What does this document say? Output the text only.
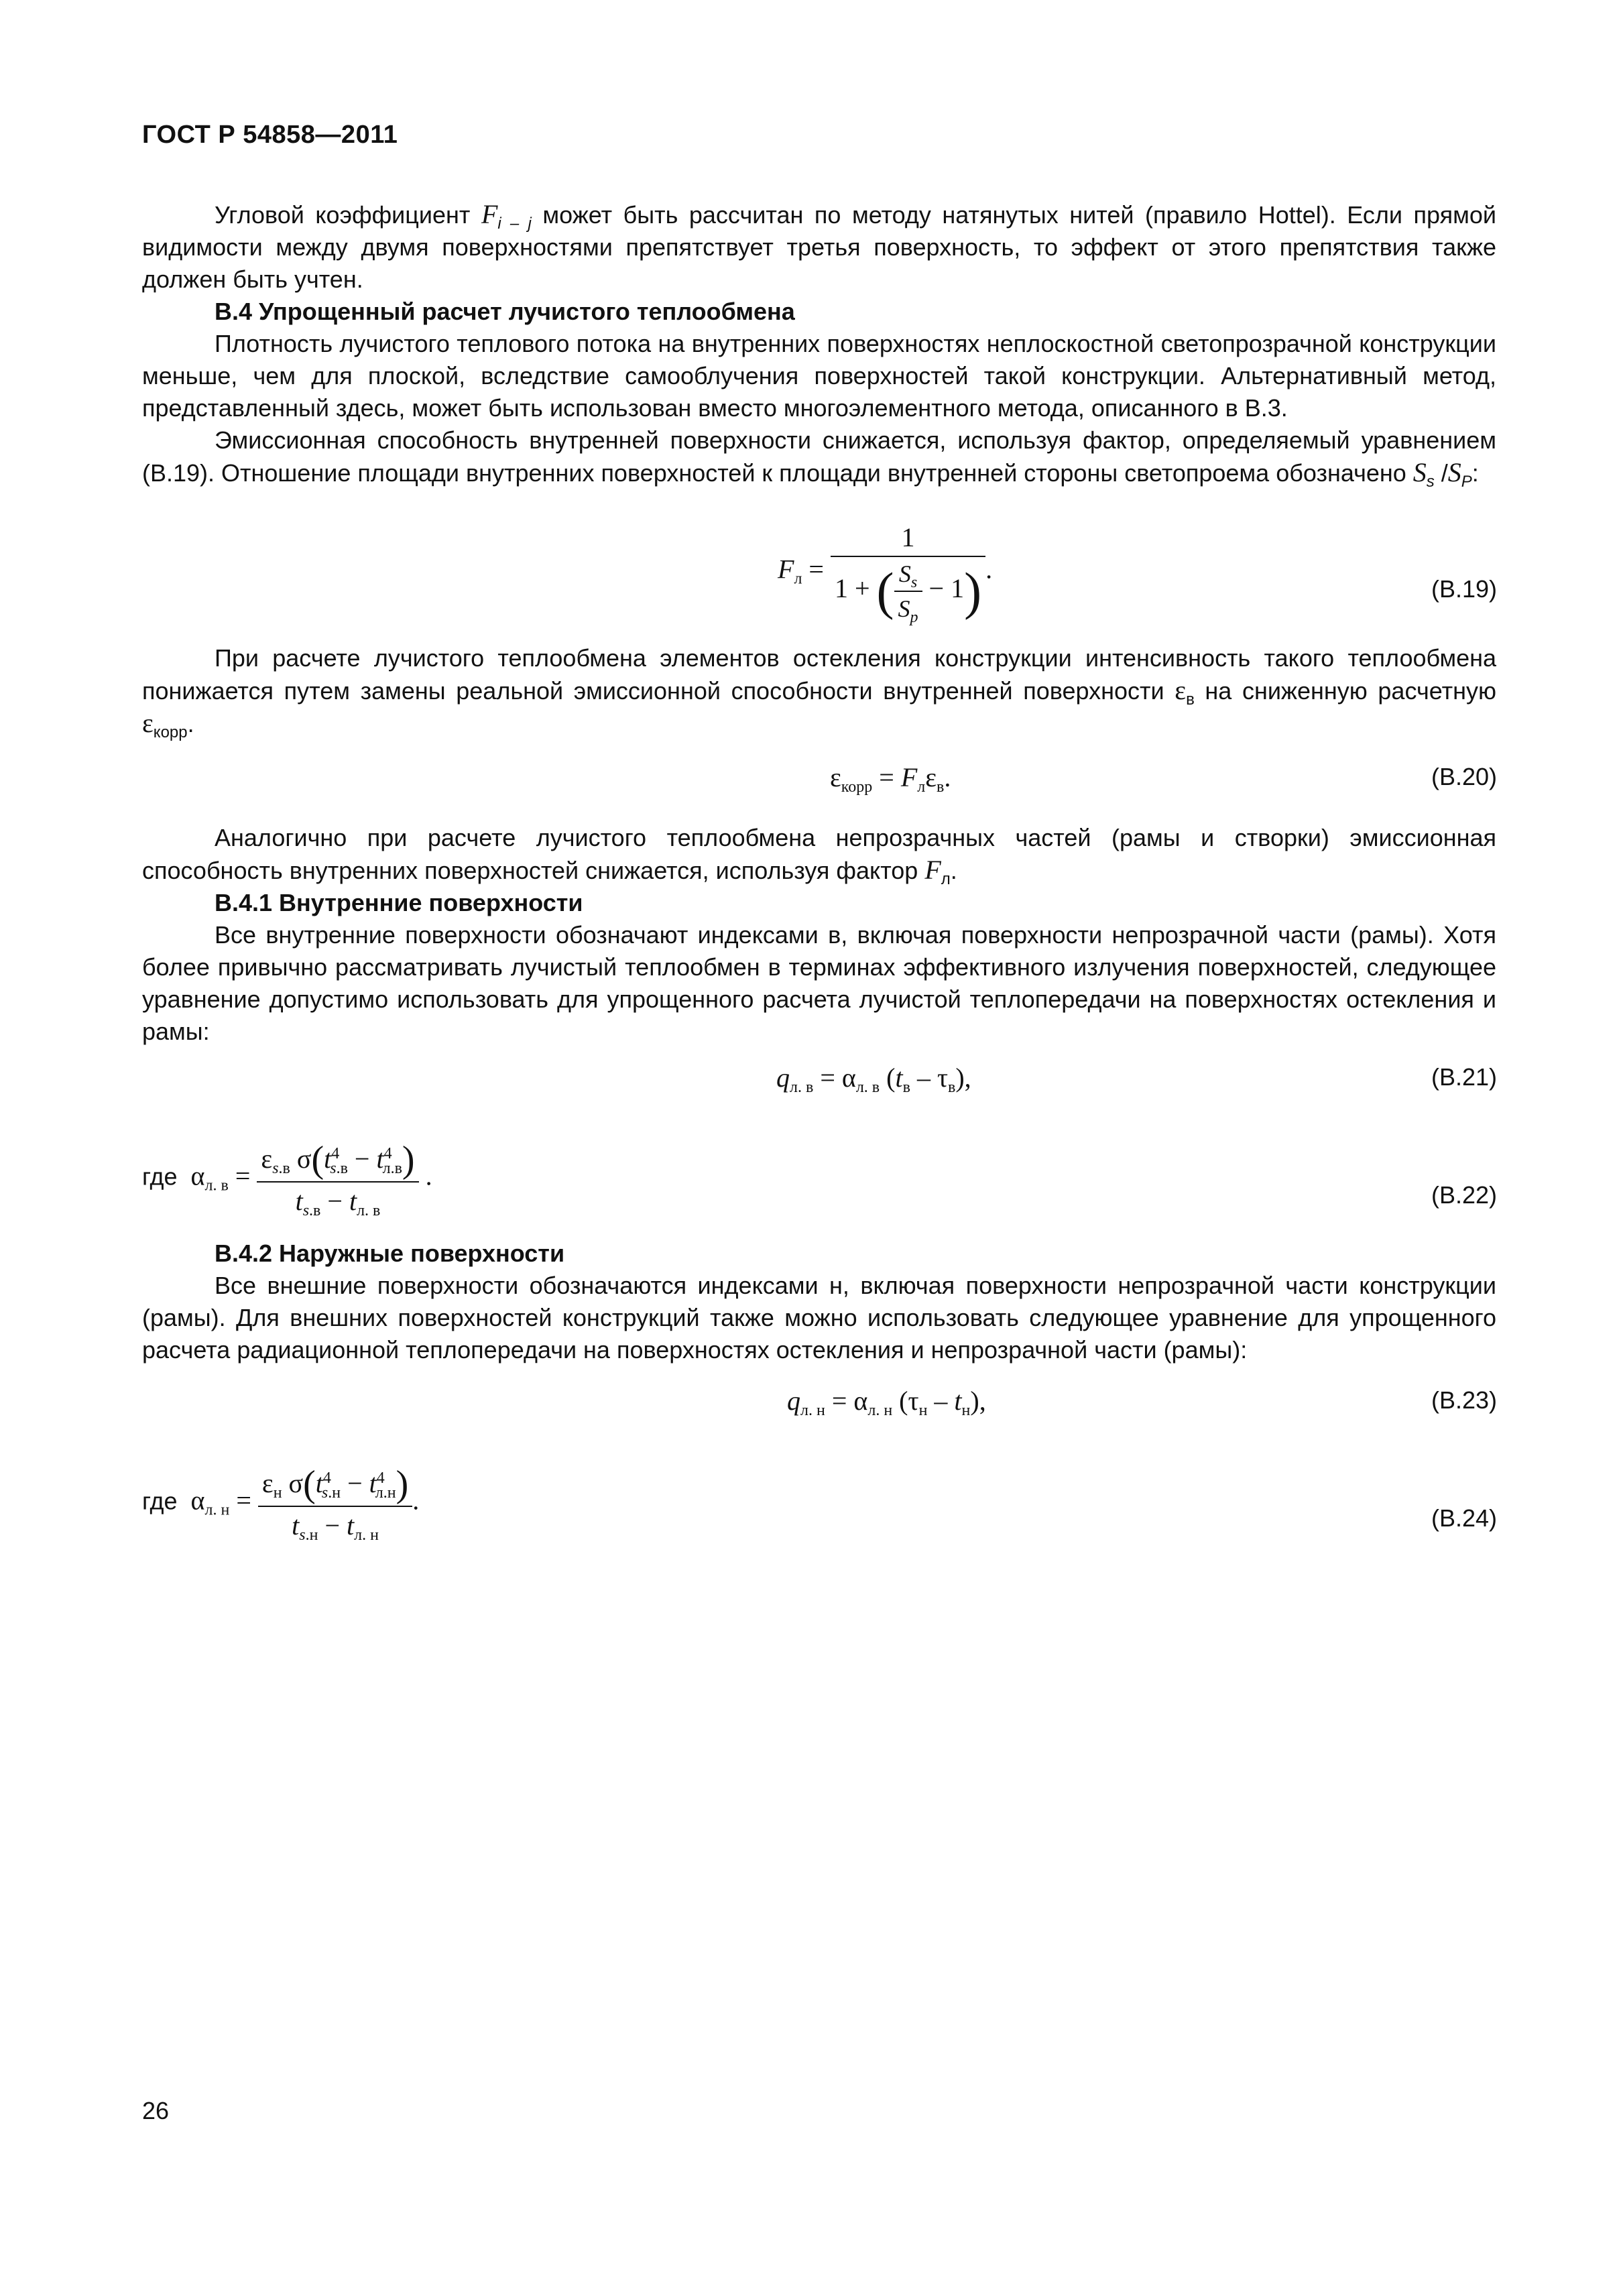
ГОСТ Р 54858—2011

Угловой коэффициент $F_{i - j}$ может быть рассчитан по методу натянутых нитей (правило Hottel). Если прямой видимости между двумя поверхностями препятствует третья поверхность, то эффект от этого препятствия также должен быть учтен.

В.4 Упрощенный расчет лучистого теплообмена

Плотность лучистого теплового потока на внутренних поверхностях неплоскостной светопрозрачной конструкции меньше, чем для плоской, вследствие самооблучения поверхностей такой конструкции. Альтернативный метод, представленный здесь, может быть использован вместо многоэлементного метода, описанного в В.3.

Эмиссионная способность внутренней поверхности снижается, используя фактор, определяемый уравнением (В.19). Отношение площади внутренних поверхностей к площади внутренней стороны светопроема обозначено $S_s$ $/S_P$:

$F_л = \frac{1}{1 + ( \frac{S_s}{S_p} - 1)}$ .
(В.19)

При расчете лучистого теплообмена элементов остекления конструкции интенсивность такого теплообмена понижается путем замены реальной эмиссионной способности внутренней поверхности $\varepsilon_в$ на сниженную расчетную $\varepsilon_{корр}$.

$\varepsilon_{корр} = F_л\varepsilon_в$.	(В.20)

Аналогично при расчете лучистого теплообмена непрозрачных частей (рамы и створки) эмиссионная способность внутренних поверхностей снижается, используя фактор $F_л$.

В.4.1 Внутренние поверхности

Все внутренние поверхности обозначают индексами в, включая поверхности непрозрачной части (рамы). Хотя более привычно рассматривать лучистый теплообмен в терминах эффективного излучения поверхностей, следующее уравнение допустимо использовать для упрощенного расчета лучистой теплопередачи на поверхностях остекления и рамы:

$q_{л. в} = \alpha_{л. в}$ $(t_в - \tau_в)$,	(В.21)
где  $\alpha_{л. в} = \frac{\varepsilon_{s.в} \sigma(t^4_{s.в} - t^4_{л.в})}{t_{s.в} - t_{л. в}}$ .
(В.22)

В.4.2 Наружные поверхности

Все внешние поверхности обозначаются индексами н, включая поверхности непрозрачной части конструкции (рамы). Для внешних поверхностей конструкций также можно использовать следующее уравнение для упрощенного расчета радиационной теплопередачи на поверхностях остекления и непрозрачной части (рамы):

$q_{л. н} = \alpha_{л. н}$ $(\tau_н - t_н)$,	(В.23)
где  $\alpha_{л. н} = \frac{\varepsilon_н \sigma(t^4_{s.н} - t^4_{л.н})}{t_{s.н} - t_{л. н}}$ .
(В.24)
26
